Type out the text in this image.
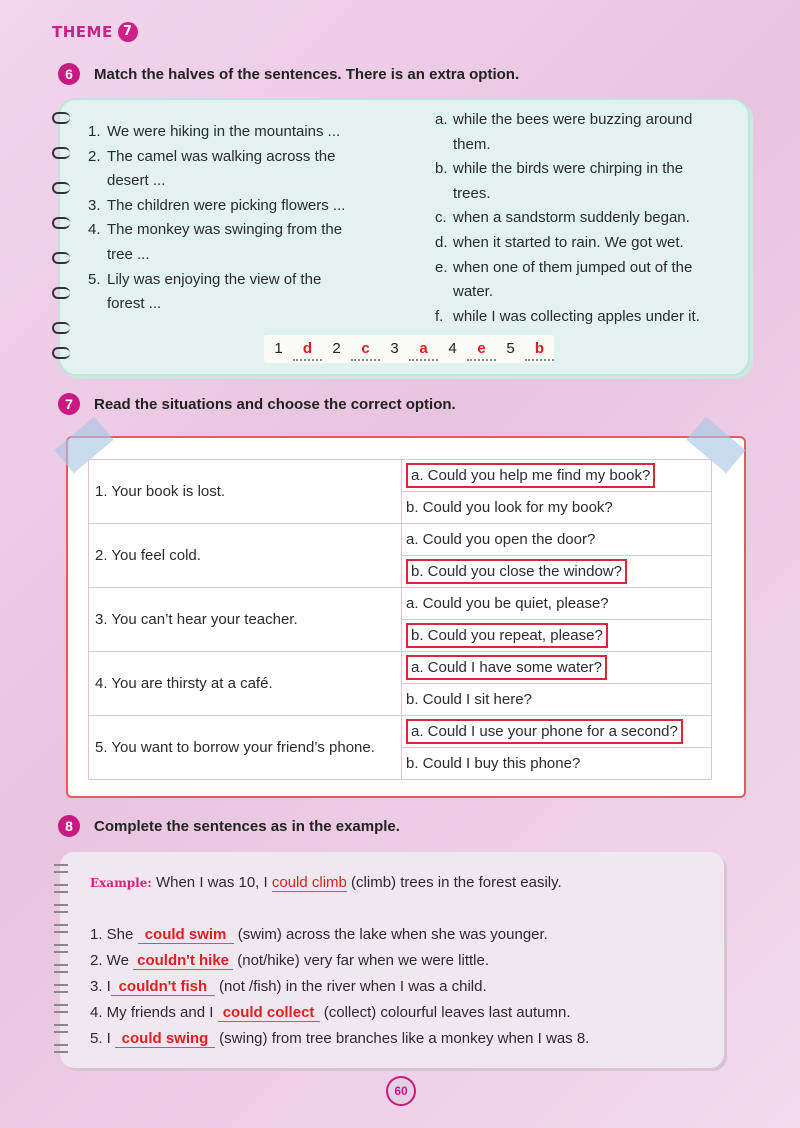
THEME 7
6	Match the halves of the sentences. There is an extra option.
1. We were hiking in the mountains ...
2. The camel was walking across the desert ...
3. The children were picking flowers ...
4. The monkey was swinging from the tree ...
5. Lily was enjoying the view of the forest ...
a. while the bees were buzzing around them.
b. while the birds were chirping in the trees.
c. when a sandstorm suddenly began.
d. when it started to rain. We got wet.
e. when one of them jumped out of the water.
f. while I was collecting apples under it.
1	d	2	c	3	a	4	e	5	b
7	Read the situations and choose the correct option.
1. Your book is lost.	a. Could you help me find my book?
	b. Could you look for my book?
2. You feel cold.	a. Could you open the door?
	b. Could you close the window?
3. You can’t hear your teacher.	a. Could you be quiet, please?
	b. Could you repeat, please?
4. You are thirsty at a café.	a. Could I have some water?
	b. Could I sit here?
5. You want to borrow your friend’s phone.	a. Could I use your phone for a second?
	b. Could I buy this phone?
8	Complete the sentences as in the example.
Example: When I was 10, I could climb (climb) trees in the forest easily.
1. She could swim (swim) across the lake when she was younger.
2. We couldn't hike (not/hike) very far when we were little.
3. I couldn't fish (not /fish) in the river when I was a child.
4. My friends and I could collect (collect) colourful leaves last autumn.
5. I could swing (swing) from tree branches like a monkey when I was 8.
60
